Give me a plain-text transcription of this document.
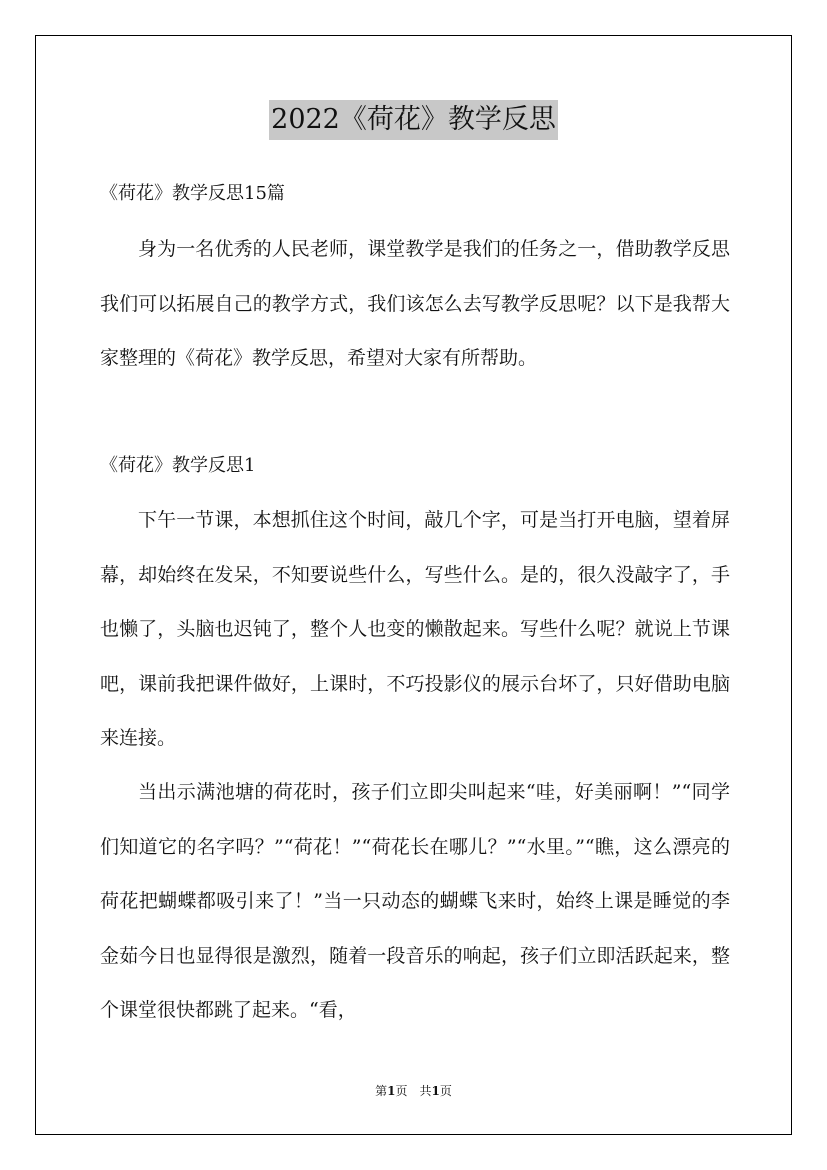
2022《荷花》教学反思
《荷花》教学反思15篇

身为一名优秀的人民老师，课堂教学是我们的任务之一，借助教学反思我们可以拓展自己的教学方式，我们该怎么去写教学反思呢？以下是我帮大家整理的《荷花》教学反思，希望对大家有所帮助。

《荷花》教学反思1

下午一节课，本想抓住这个时间，敲几个字，可是当打开电脑，望着屏幕，却始终在发呆，不知要说些什么，写些什么。是的，很久没敲字了，手也懒了，头脑也迟钝了，整个人也变的懒散起来。写些什么呢？就说上节课吧，课前我把课件做好，上课时，不巧投影仪的展示台坏了，只好借助电脑来连接。

当出示满池塘的荷花时，孩子们立即尖叫起来“哇，好美丽啊！”“同学们知道它的名字吗？”“荷花！”“荷花长在哪儿？”“水里。”“瞧，这么漂亮的荷花把蝴蝶都吸引来了！”当一只动态的蝴蝶飞来时，始终上课是睡觉的李金茹今日也显得很是激烈，随着一段音乐的响起，孩子们立即活跃起来，整个课堂很快都跳了起来。“看，

第1页 共1页
